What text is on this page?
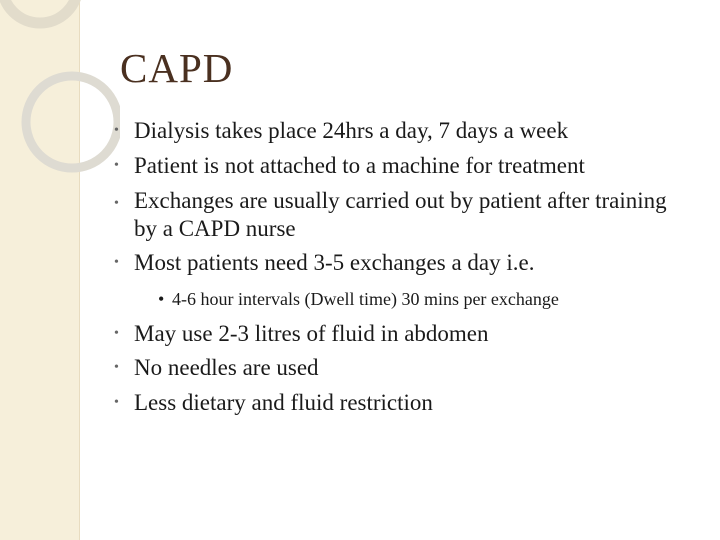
CAPD
• Dialysis takes place 24hrs a day, 7 days a week
• Patient is not attached to a machine for treatment
• Exchanges are usually carried out by patient after training by a CAPD nurse
• Most patients need 3-5 exchanges a day i.e.
• 4-6 hour intervals (Dwell time) 30 mins per exchange
• May use 2-3 litres of fluid in abdomen
• No needles are used
• Less dietary and fluid restriction
